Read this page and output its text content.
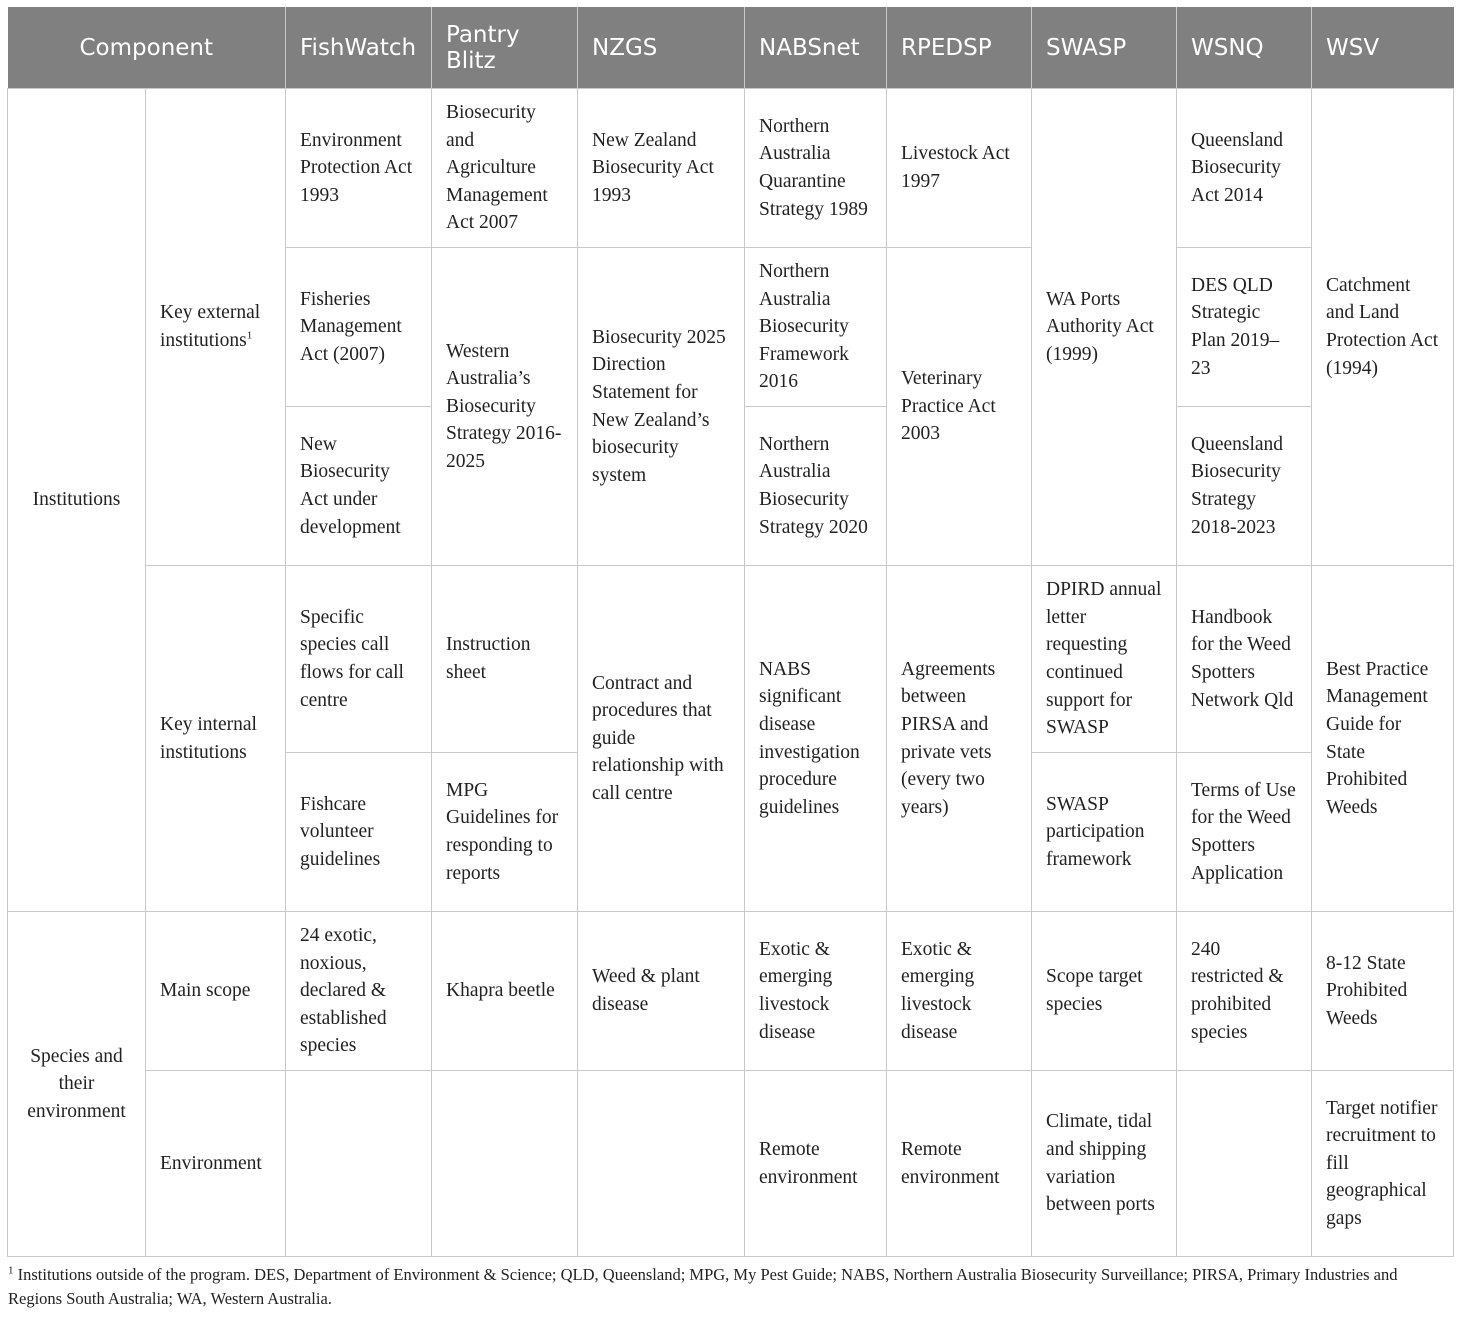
Component		FishWatch	Pantry Blitz	NZGS	NABSnet	RPEDSP	SWASP	WSNQ	WSV
Institutions	Key external institutions$^1$	Environment Protection Act 1993	Biosecurity and Agriculture Management Act 2007	New Zealand Biosecurity Act 1993	Northern Australia Quarantine Strategy 1989	Livestock Act 1997	WA Ports Authority Act (1999)	Queensland Biosecurity Act 2014	Catchment and Land Protection Act (1994)
		Fisheries Management Act (2007)	Western Australia’s Biosecurity Strategy 2016-2025	Biosecurity 2025 Direction Statement for New Zealand’s biosecurity system	Northern Australia Biosecurity Framework 2016	Veterinary Practice Act 2003		DES QLD Strategic Plan 2019–23	
		New Biosecurity Act under development			Northern Australia Biosecurity Strategy 2020			Queensland Biosecurity Strategy 2018-2023	
	Key internal institutions	Specific species call flows for call centre	Instruction sheet	Contract and procedures that guide relationship with call centre	NABS significant disease investigation procedure guidelines	Agreements between PIRSA and private vets (every two years)	DPIRD annual letter requesting continued support for SWASP	Handbook for the Weed Spotters Network Qld	Best Practice Management Guide for State Prohibited Weeds
		Fishcare volunteer guidelines	MPG Guidelines for responding to reports				SWASP participation framework	Terms of Use for the Weed Spotters Application	
Species and their environment	Main scope	24 exotic, noxious, declared & established species	Khapra beetle	Weed & plant disease	Exotic & emerging livestock disease	Exotic & emerging livestock disease	Scope target species	240 restricted & prohibited species	8-12 State Prohibited Weeds
	Environment				Remote environment	Remote environment	Climate, tidal and shipping variation between ports		Target notifier recruitment to fill geographical gaps
$^1$ Institutions outside of the program. DES, Department of Environment & Science; QLD, Queensland; MPG, My Pest Guide; NABS, Northern Australia Biosecurity Surveillance; PIRSA, Primary Industries and Regions South Australia; WA, Western Australia.
